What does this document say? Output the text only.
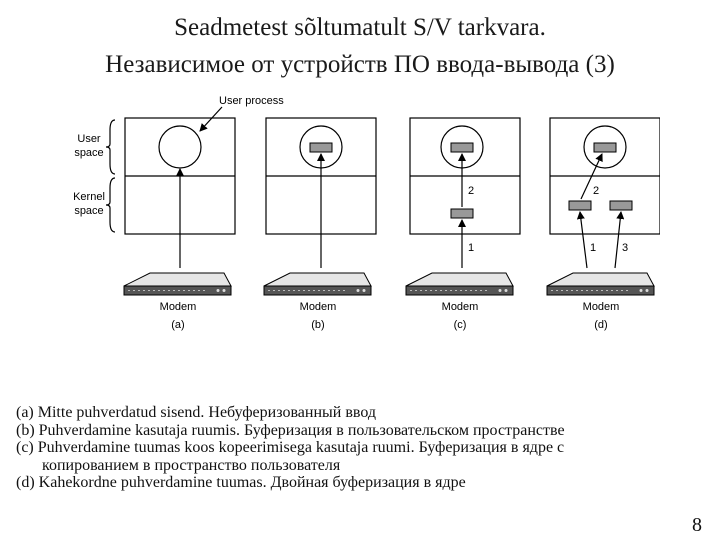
Seadmetest sõltumatult S/V tarkvara.
Независимое от устройств ПО ввода-вывода (3)
User
space
Kernel
space
User process
Modem
(a)
Modem
(b)
1
2
Modem
(c)
1
2
3
Modem
(d)
(a) Mitte puhverdatud sisend. Небуферизованный ввод
(b) Puhverdamine kasutaja ruumis. Буферизация в пользовательском пространстве
(c) Puhverdamine tuumas koos kopeerimisega kasutaja ruumi. Буферизация в ядре с
копированием в пространство пользователя
(d) Kahekordne puhverdamine tuumas. Двойная буферизация в ядре
8
